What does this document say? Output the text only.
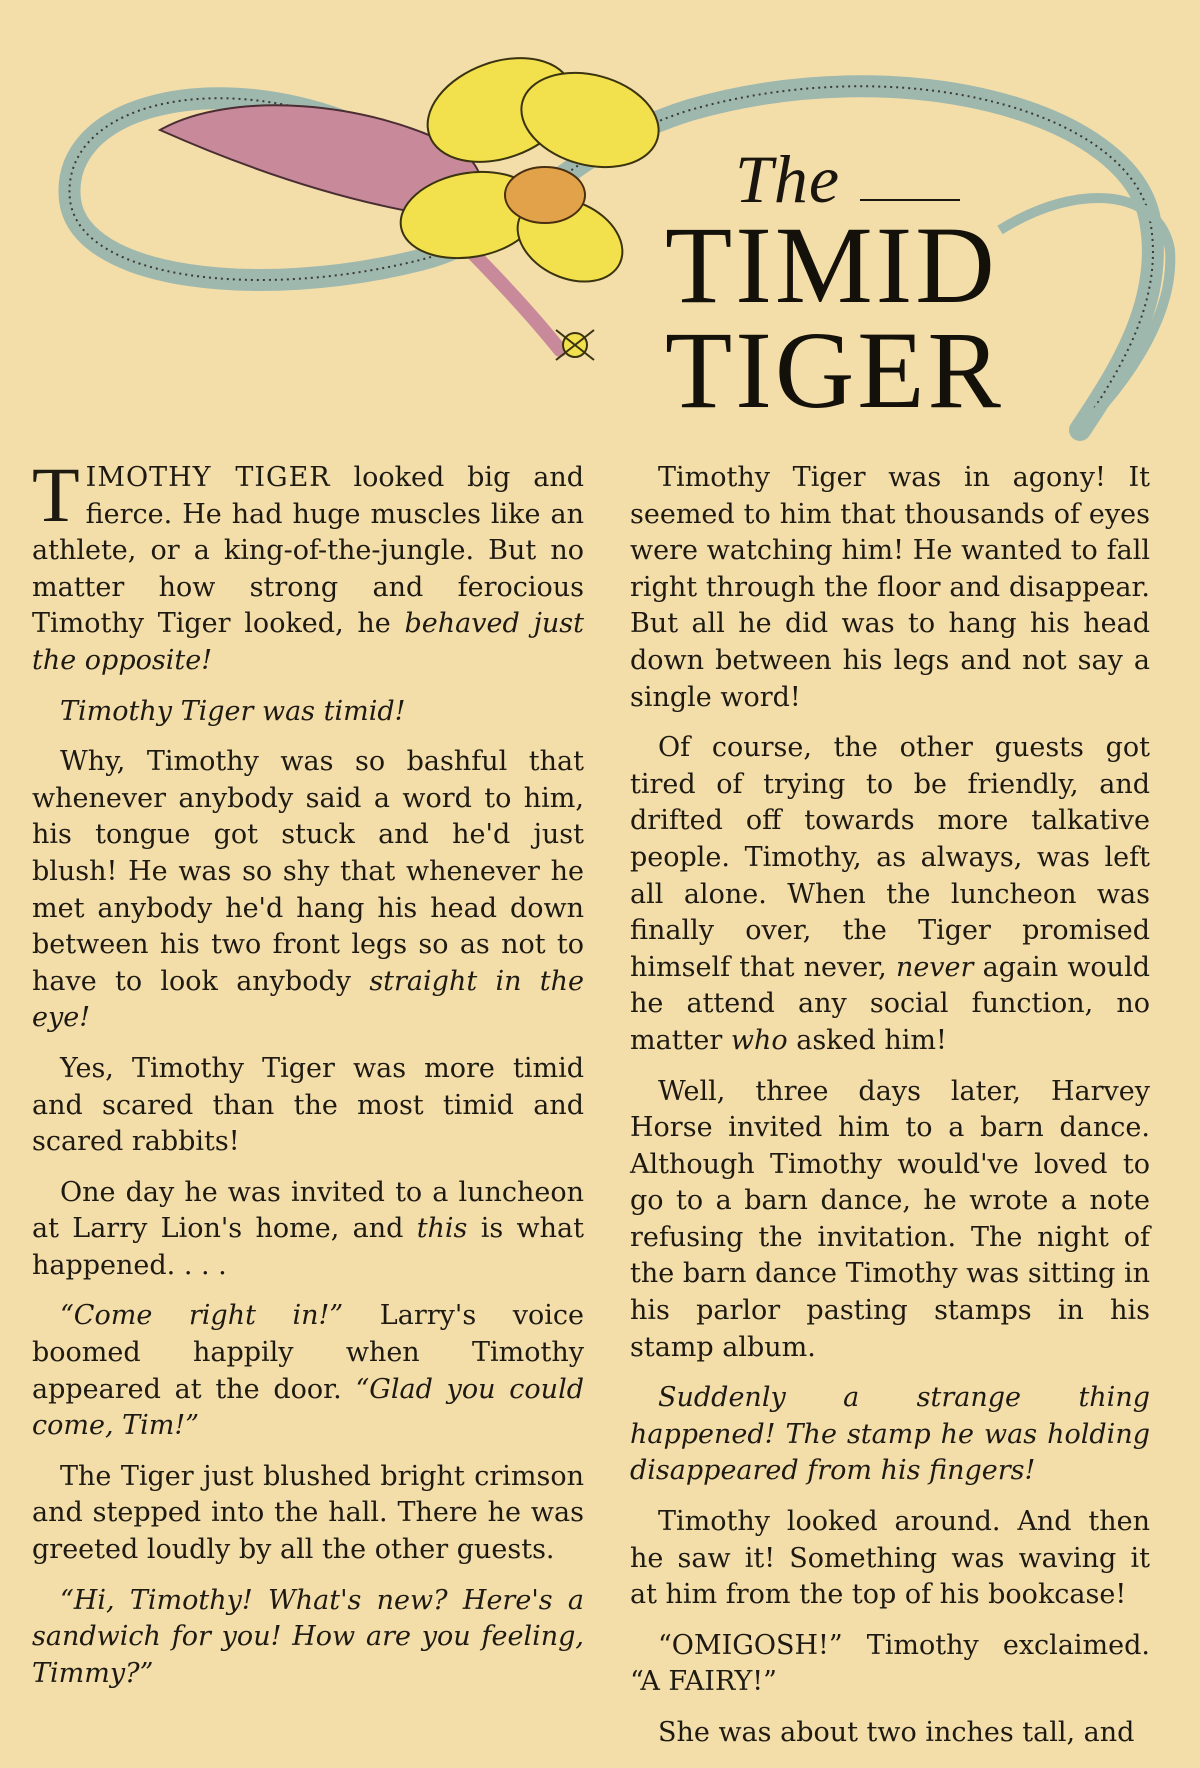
The
TIMID
TIGER

TIMOTHY TIGER looked big and fierce. He had huge muscles like an athlete, or a king-of-the-jungle. But no matter how strong and ferocious Timothy Tiger looked, he behaved just the opposite!

Timothy Tiger was timid!

Why, Timothy was so bashful that whenever anybody said a word to him, his tongue got stuck and he'd just blush! He was so shy that whenever he met anybody he'd hang his head down between his two front legs so as not to have to look anybody straight in the eye!

Yes, Timothy Tiger was more timid and scared than the most timid and scared rabbits!

One day he was invited to a luncheon at Larry Lion's home, and this is what happened. . . .

“Come right in!” Larry's voice boomed happily when Timothy appeared at the door. “Glad you could come, Tim!”

The Tiger just blushed bright crimson and stepped into the hall. There he was greeted loudly by all the other guests.

“Hi, Timothy! What's new? Here's a sandwich for you! How are you feeling, Timmy?”

Timothy Tiger was in agony! It seemed to him that thousands of eyes were watching him! He wanted to fall right through the floor and disappear. But all he did was to hang his head down between his legs and not say a single word!

Of course, the other guests got tired of trying to be friendly, and drifted off towards more talkative people. Timothy, as always, was left all alone. When the luncheon was finally over, the Tiger promised himself that never, never again would he attend any social function, no matter who asked him!

Well, three days later, Harvey Horse invited him to a barn dance. Although Timothy would've loved to go to a barn dance, he wrote a note refusing the invitation. The night of the barn dance Timothy was sitting in his parlor pasting stamps in his stamp album.

Suddenly a strange thing happened! The stamp he was holding disappeared from his fingers!

Timothy looked around. And then he saw it! Something was waving it at him from the top of his bookcase!

“OMIGOSH!” Timothy exclaimed. “A FAIRY!”

She was about two inches tall, and
